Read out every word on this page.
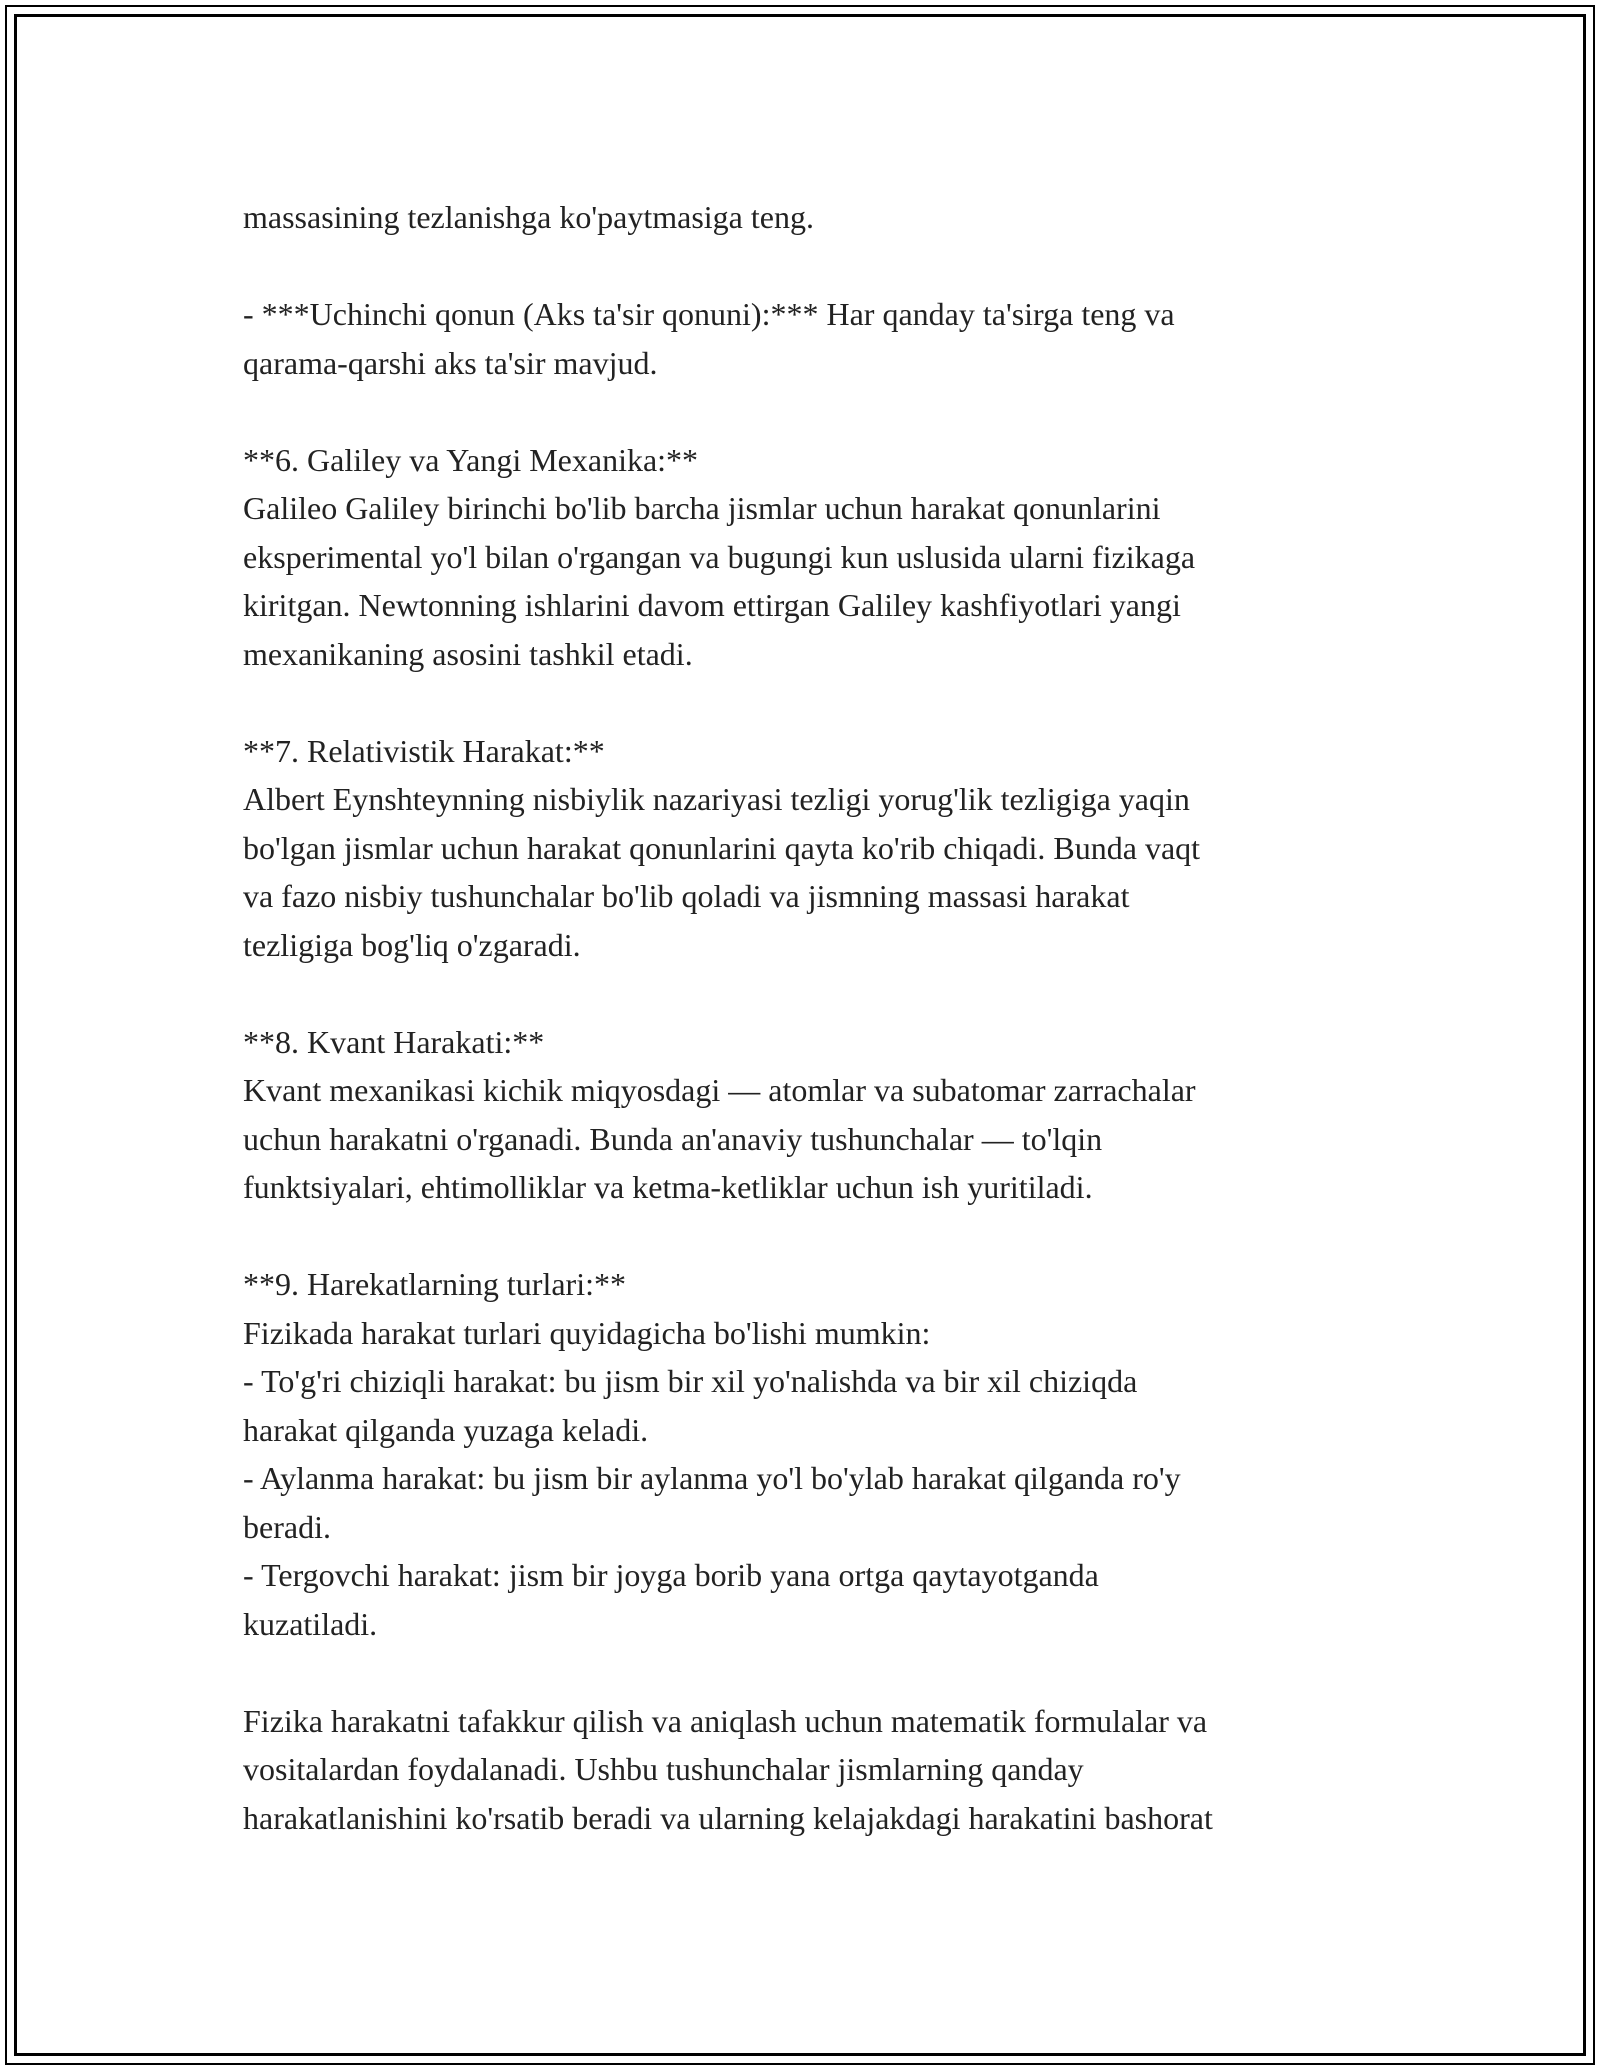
massasining tezlanishga ko'paytmasiga teng.
- ***Uchinchi qonun (Aks ta'sir qonuni):*** Har qanday ta'sirga teng va
qarama-qarshi aks ta'sir mavjud.
**6. Galiley va Yangi Mexanika:**
Galileo Galiley birinchi bo'lib barcha jismlar uchun harakat qonunlarini
eksperimental yo'l bilan o'rgangan va bugungi kun uslusida ularni fizikaga
kiritgan. Newtonning ishlarini davom ettirgan Galiley kashfiyotlari yangi
mexanikaning asosini tashkil etadi.
**7. Relativistik Harakat:**
Albert Eynshteynning nisbiylik nazariyasi tezligi yorug'lik tezligiga yaqin
bo'lgan jismlar uchun harakat qonunlarini qayta ko'rib chiqadi. Bunda vaqt
va fazo nisbiy tushunchalar bo'lib qoladi va jismning massasi harakat
tezligiga bog'liq o'zgaradi.
**8. Kvant Harakati:**
Kvant mexanikasi kichik miqyosdagi — atomlar va subatomar zarrachalar
uchun harakatni o'rganadi. Bunda an'anaviy tushunchalar — to'lqin
funktsiyalari, ehtimolliklar va ketma-ketliklar uchun ish yuritiladi.
**9. Harekatlarning turlari:**
Fizikada harakat turlari quyidagicha bo'lishi mumkin:
- To'g'ri chiziqli harakat: bu jism bir xil yo'nalishda va bir xil chiziqda
harakat qilganda yuzaga keladi.
- Aylanma harakat: bu jism bir aylanma yo'l bo'ylab harakat qilganda ro'y
beradi.
- Tergovchi harakat: jism bir joyga borib yana ortga qaytayotganda
kuzatiladi.
Fizika harakatni tafakkur qilish va aniqlash uchun matematik formulalar va
vositalardan foydalanadi. Ushbu tushunchalar jismlarning qanday
harakatlanishini ko'rsatib beradi va ularning kelajakdagi harakatini bashorat
